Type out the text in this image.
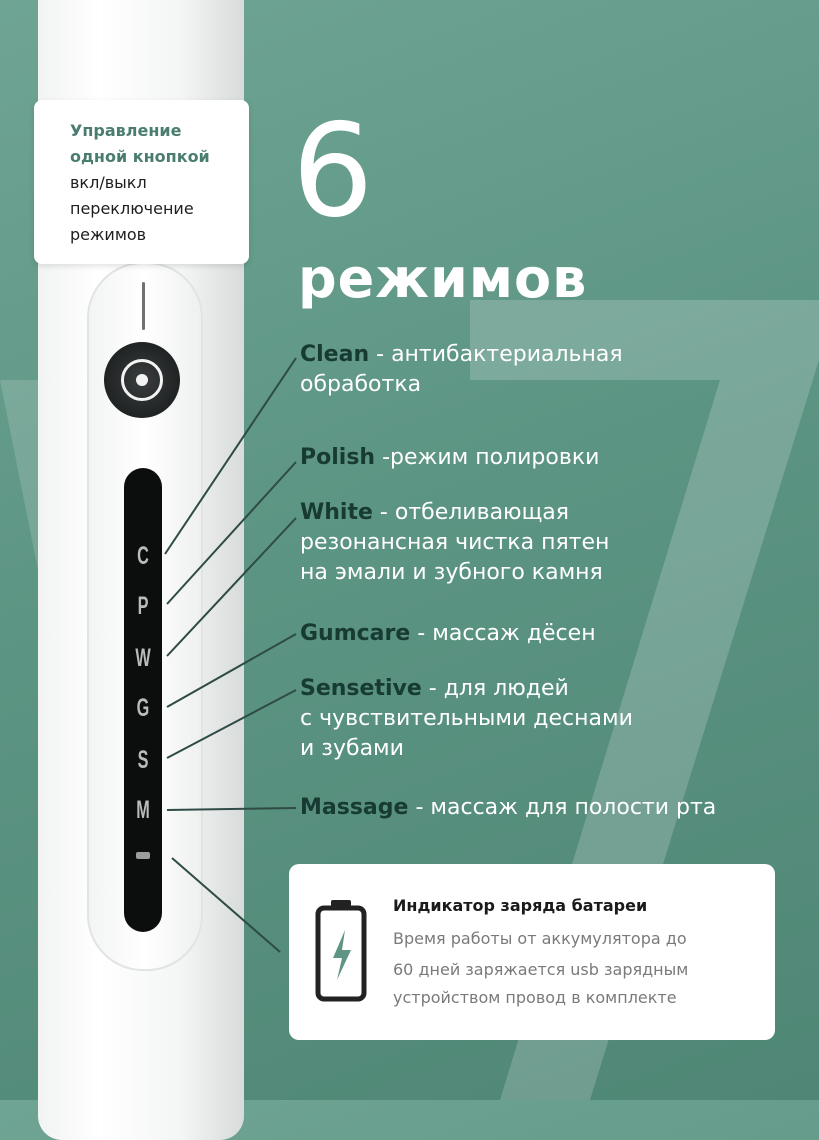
C
P
W
G
S
M
Управление
одной кнопкой
вкл/выкл
переключение
режимов 6
режимов
Clean - антибактериальная
обработка
Polish -режим полировки
White - отбеливающая
резонансная чистка пятен
на эмали и зубного камня
Gumcare - массаж дёсен
Sensetive - для людей
с чувствительными деснами
и зубами
Massage - массаж для полости рта
Индикатор заряда батареи
Время работы от аккумулятора до
60 дней заряжается usb зарядным
устройством провод в комплекте
